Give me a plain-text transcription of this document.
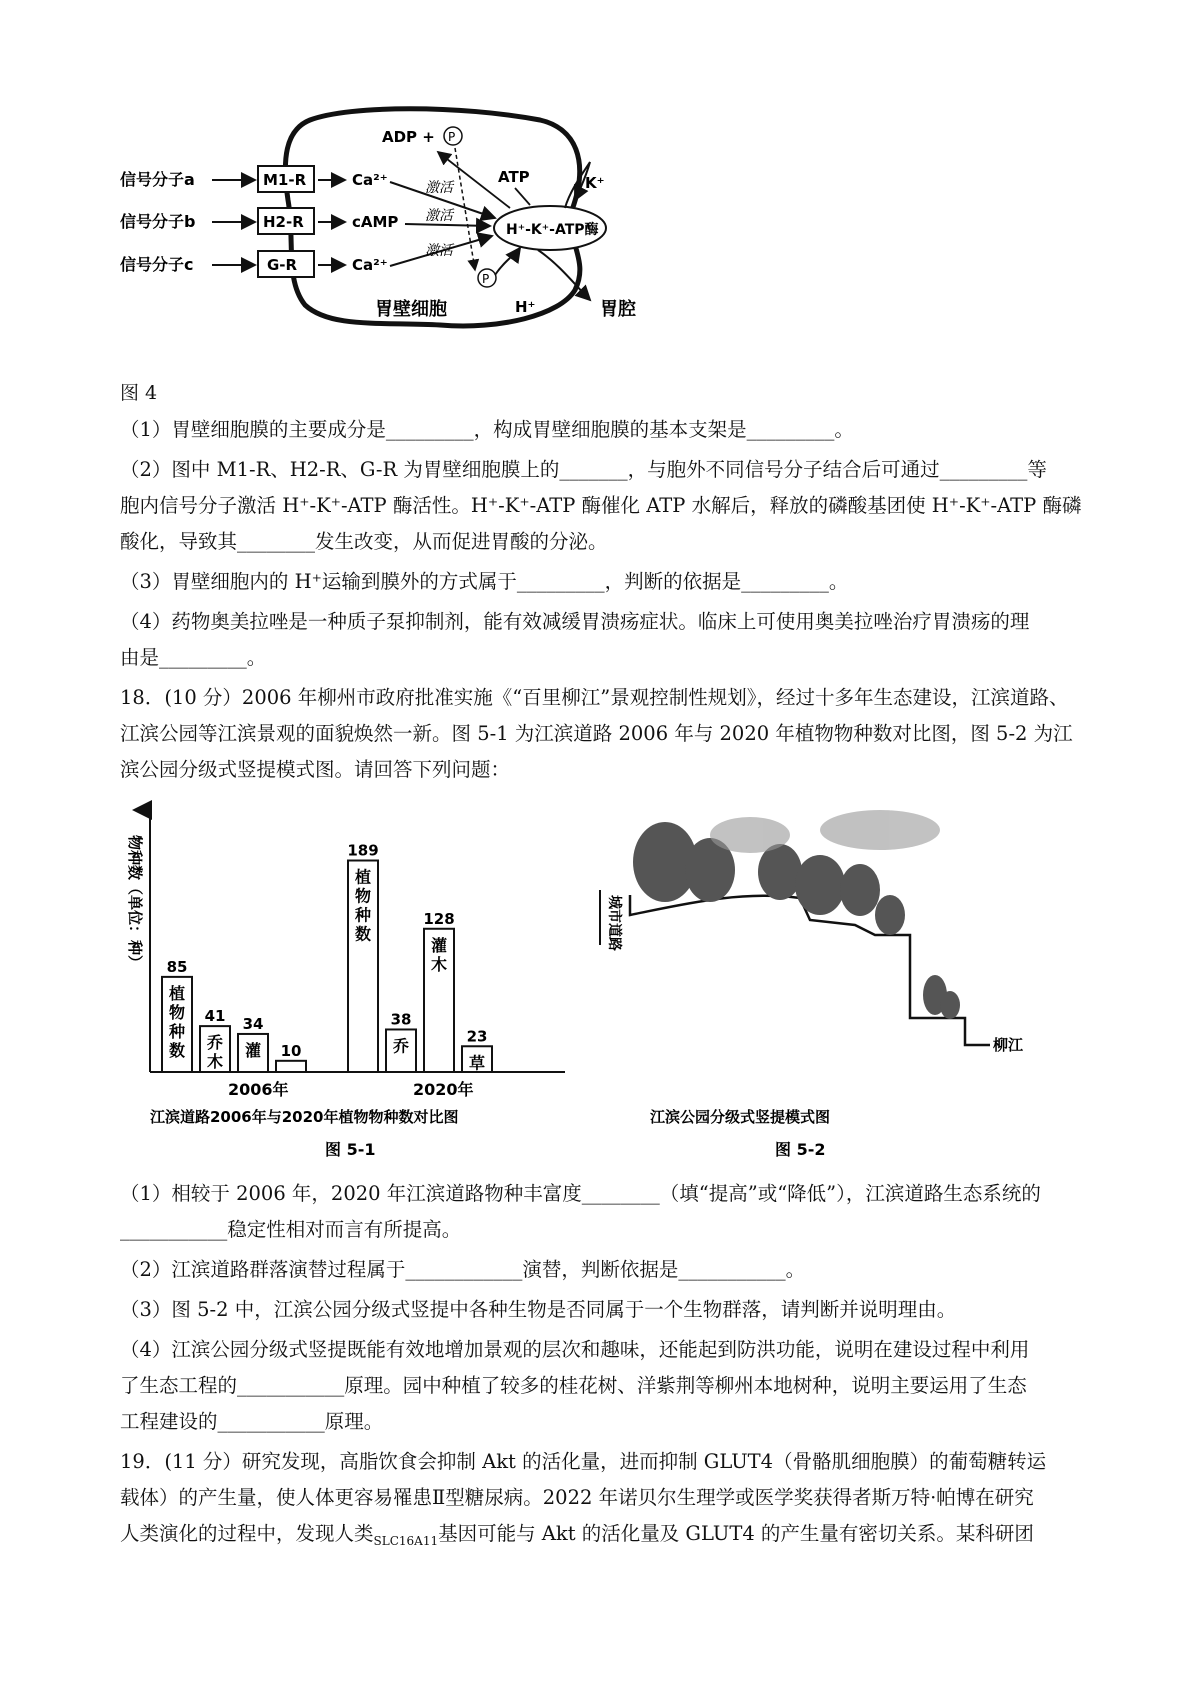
信号分子a
信号分子b
信号分子c
M1-R
H2-R
G-R
Ca²⁺
cAMP
Ca²⁺
激活
激活
激活
H⁺-K⁺-ATP酶
ADP + P
P
ATP	K⁺
H⁺
胃壁细胞	胃腔
图 4
（1）胃壁细胞膜的主要成分是_________，构成胃壁细胞膜的基本支架是_________。
（2）图中 M1-R、H2-R、G-R 为胃壁细胞膜上的_______，与胞外不同信号分子结合后可通过_________等
胞内信号分子激活 H⁺-K⁺-ATP 酶活性。H⁺-K⁺-ATP 酶催化 ATP 水解后，释放的磷酸基团使 H⁺-K⁺-ATP 酶磷
酸化，导致其________发生改变，从而促进胃酸的分泌。
（3）胃壁细胞内的 H⁺运输到膜外的方式属于_________，判断的依据是_________。
（4）药物奥美拉唑是一种质子泵抑制剂，能有效减缓胃溃疡症状。临床上可使用奥美拉唑治疗胃溃疡的理
由是_________。
18．(10 分）2006 年柳州市政府批准实施《“百里柳江”景观控制性规划》，经过十多年生态建设，江滨道路、
江滨公园等江滨景观的面貌焕然一新。图 5-1 为江滨道路 2006 年与 2020 年植物物种数对比图，图 5-2 为江
滨公园分级式竖提模式图。请回答下列问题：
物种数（单位：种） 85
植
物
种
数
41
乔
木
34
灌 10
189
植
物
种
数
38
乔
128
灌
木
23
草
2006年	2020年
江滨道路2006年与2020年植物物种数对比图
图 5-1
城市道路
柳江
江滨公园分级式竖提模式图
图 5-2
（1）相较于 2006 年，2020 年江滨道路物种丰富度________（填“提高”或“降低”），江滨道路生态系统的
___________稳定性相对而言有所提高。
（2）江滨道路群落演替过程属于____________演替，判断依据是___________。
（3）图 5-2 中，江滨公园分级式竖提中各种生物是否同属于一个生物群落，请判断并说明理由。
（4）江滨公园分级式竖提既能有效地增加景观的层次和趣味，还能起到防洪功能，说明在建设过程中利用
了生态工程的___________原理。园中种植了较多的桂花树、洋紫荆等柳州本地树种，说明主要运用了生态
工程建设的___________原理。
19．(11 分）研究发现，高脂饮食会抑制 Akt 的活化量，进而抑制 GLUT4（骨骼肌细胞膜）的葡萄糖转运
载体）的产生量，使人体更容易罹患Ⅱ型糖尿病。2022 年诺贝尔生理学或医学奖获得者斯万特·帕博在研究
人类演化的过程中，发现人类$_{SLC16A11}$基因可能与 Akt 的活化量及 GLUT4 的产生量有密切关系。某科研团
